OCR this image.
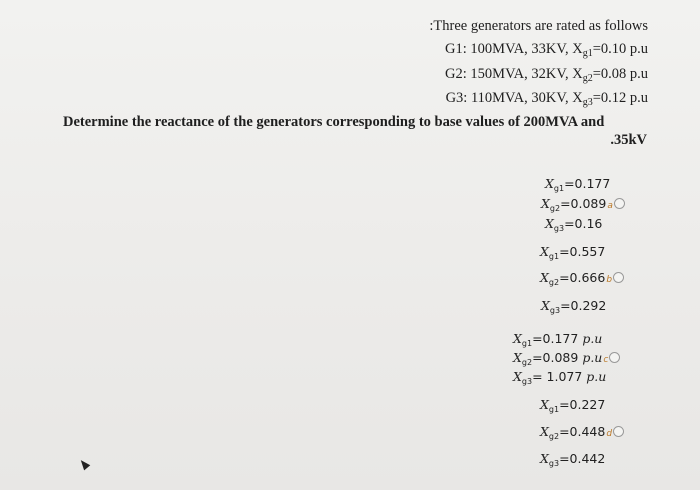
:Three generators are rated as follows
G1: 100MVA, 33KV, $X_{g1}=0.10$ p.u
G2: 150MVA, 32KV, $X_{g2}=0.08$ p.u
G3: 110MVA, 30KV, $X_{g3}=0.12$ p.u
Determine the reactance of the generators corresponding to base values of 200MVA and
.35kV
$X_{g1}=0.177$
$X_{g2}=0.089a$
$X_{g3}=0.16$
$X_{g1}=0.557$
$X_{g2}=0.666b$
$X_{g3}=0.292$
$X_{g1}=0.177$ p.u
$X_{g2}=0.089$ p.uc
$X_{g3}= 1.077$ p.u
$X_{g1}=0.227$
$X_{g2}=0.448d$
$X_{g3}=0.442$
